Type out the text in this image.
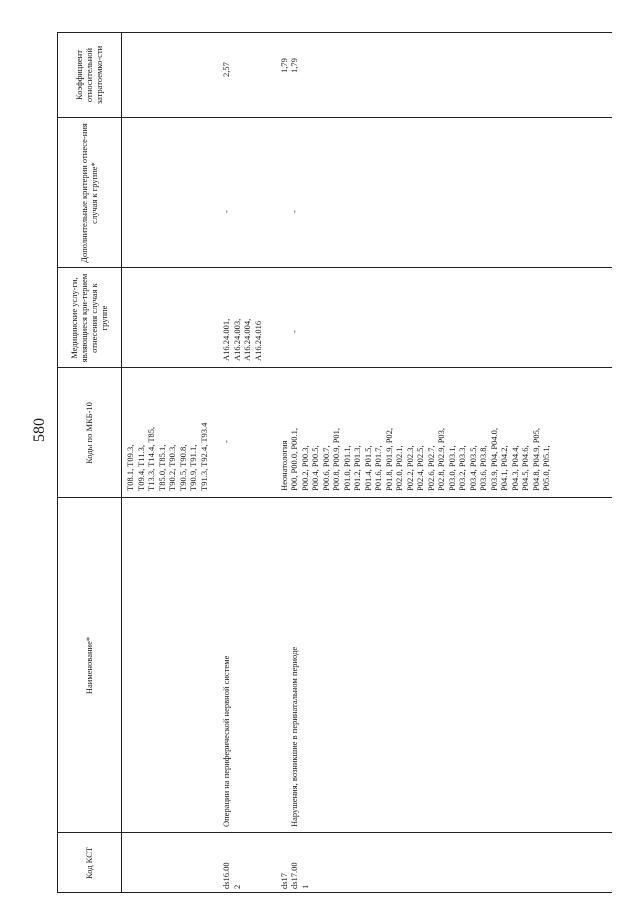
580
Код КСТ
Наименование*
Коды по МКБ-10
Медицинские услу-ги, являющиеся кри-терием отнесения случая к группе
Дополнительные критерии отнесе-ния случая к группе*
Коэффициент относительной затратоемко-сти
T08.1, T09.3,
T09.4, T11.3,
T13.3, T14.4, T85,
T85.0, T85.1,
T90.2, T90.3,
T90.5, T90.8,
T90.9, T91.1,
T91.3, T92.4, T93.4
ds16.00
2
Операции на периферической нервной системе
-
A16.24.001,
A16.24.003,
A16.24.004,
A16.24.016
-
2,57
ds17
Неонатология
1,79
ds17.00
1
Нарушения, возникшие в перинатальном периоде
P00, P00.0, P00.1,
P00.2, P00.3,
P00.4, P00.5,
P00.6, P00.7,
P00.8, P00.9, P01,
P01.0, P01.1,
P01.2, P01.3,
P01.4, P01.5,
P01.6, P01.7,
P01.8, P01.9, P02,
P02.0, P02.1,
P02.2, P02.3,
P02.4, P02.5,
P02.6, P02.7,
P02.8, P02.9, P03,
P03.0, P03.1,
P03.2, P03.3,
P03.4, P03.5,
P03.6, P03.8,
P03.9, P04, P04.0,
P04.1, P04.2,
P04.3, P04.4,
P04.5, P04.6,
P04.8, P04.9, P05,
P05.0, P05.1,
-
-
1,79
